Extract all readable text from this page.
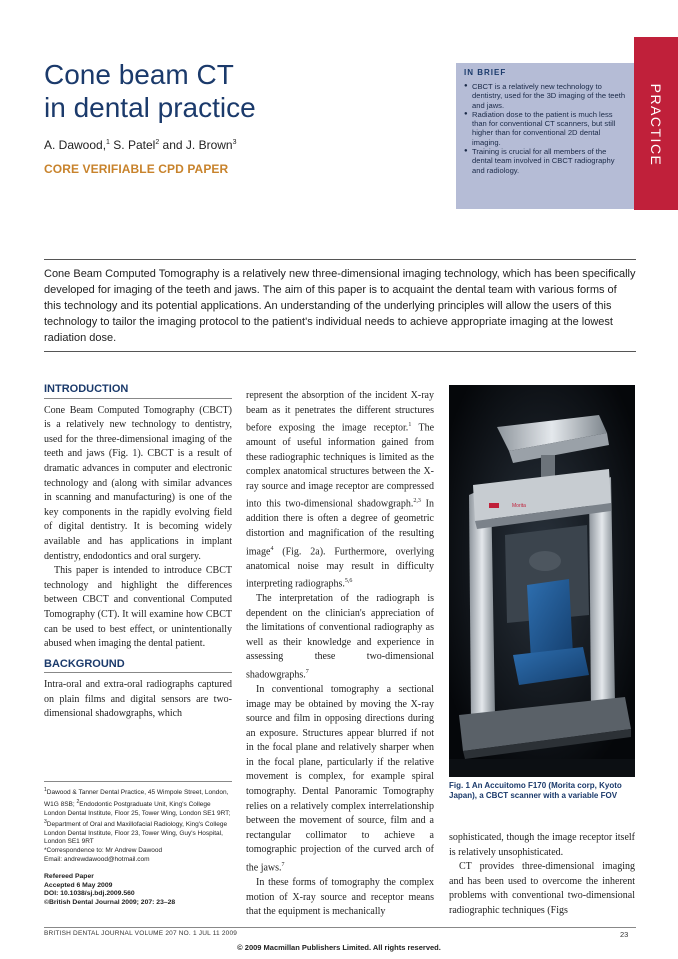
Cone beam CT
in dental practice
A. Dawood,$^1$ S. Patel$^2$ and J. Brown$^3$
CORE VERIFIABLE CPD PAPER
IN BRIEF
● CBCT is a relatively new technology to dentistry, used for the 3D imaging of the teeth and jaws.
● Radiation dose to the patient is much less than for conventional CT scanners, but still higher than for conventional 2D dental imaging.
● Training is crucial for all members of the dental team involved in CBCT radiography and radiology.
PRACTICE

Cone Beam Computed Tomography is a relatively new three-dimensional imaging technology, which has been specifically developed for imaging of the teeth and jaws. The aim of this paper is to acquaint the dental team with various forms of this technology and its potential applications. An understanding of the underlying principles will allow the users of this technology to tailor the imaging protocol to the patient's individual needs to achieve appropriate imaging at the lowest radiation dose.

INTRODUCTION

Cone Beam Computed Tomography (CBCT) is a relatively new technology to dentistry, used for the three-dimensional imaging of the teeth and jaws (Fig. 1). CBCT is a result of dramatic advances in computer and electronic technology and (along with similar advances in scanning and manufacturing) is one of the key components in the rapidly evolving field of digital dentistry. It is becoming widely available and has applications in implant dentistry, endodontics and oral surgery.

This paper is intended to introduce CBCT technology and highlight the differences between CBCT and conventional Computed Tomography (CT). It will examine how CBCT can be used to best effect, or unintentionally abused when imaging the dental patient.

BACKGROUND

Intra-oral and extra-oral radiographs captured on plain films and digital sensors are two-dimensional shadowgraphs, which

represent the absorption of the incident X-ray beam as it penetrates the different structures before exposing the image receptor.$^1$ The amount of useful information gained from these radiographic techniques is limited as the complex anatomical structures between the X-ray source and image receptor are compressed into this two-dimensional shadowgraph.$^{2,3}$ In addition there is often a degree of geometric distortion and magnification of the resulting image$^4$ (Fig. 2a). Furthermore, overlying anatomical noise may result in difficulty interpreting radiographs.$^{5,6}$

The interpretation of the radiograph is dependent on the clinician's appreciation of the limitations of conventional radiography as well as their knowledge and experience in assessing these two-dimensional shadowgraphs.$^7$

In conventional tomography a sectional image may be obtained by moving the X-ray source and film in opposing directions during an exposure. Structures appear blurred if not in the focal plane and relatively sharper when in the focal plane, particularly if the relative movement is complex, for example spiral tomography. Dental Panoramic Tomography relies on a relatively complex interrelationship between the movement of source, film and a rectangular collimator to achieve a tomographic projection of the curved arch of the jaws.$^7$

In these forms of tomography the complex motion of X-ray source and receptor means that the equipment is mechanically

Morita
Fig. 1 An Accuitomo F170 (Morita corp, Kyoto Japan), a CBCT scanner with a variable FOV

sophisticated, though the image receptor itself is relatively unsophisticated.

CT provides three-dimensional imaging and has been used to overcome the inherent problems with conventional two-dimensional radiographic techniques (Figs

$^1$Dawood & Tanner Dental Practice, 45 Wimpole Street, London, W1G 8SB; $^2$Endodontic Postgraduate Unit, King's College London Dental Institute, Floor 25, Tower Wing, London SE1 9RT; $^3$Department of Oral and Maxillofacial Radiology, King's College London Dental Institute, Floor 23, Tower Wing, Guy's Hospital, London SE1 9RT
*Correspondence to: Mr Andrew Dawood
Email: andrewdawood@hotmail.com
Refereed Paper
Accepted 6 May 2009
DOI: 10.1038/sj.bdj.2009.560
©British Dental Journal 2009; 207: 23–28
BRITISH DENTAL JOURNAL VOLUME 207 NO. 1 JUL 11 2009	23
© 2009 Macmillan Publishers Limited. All rights reserved.
